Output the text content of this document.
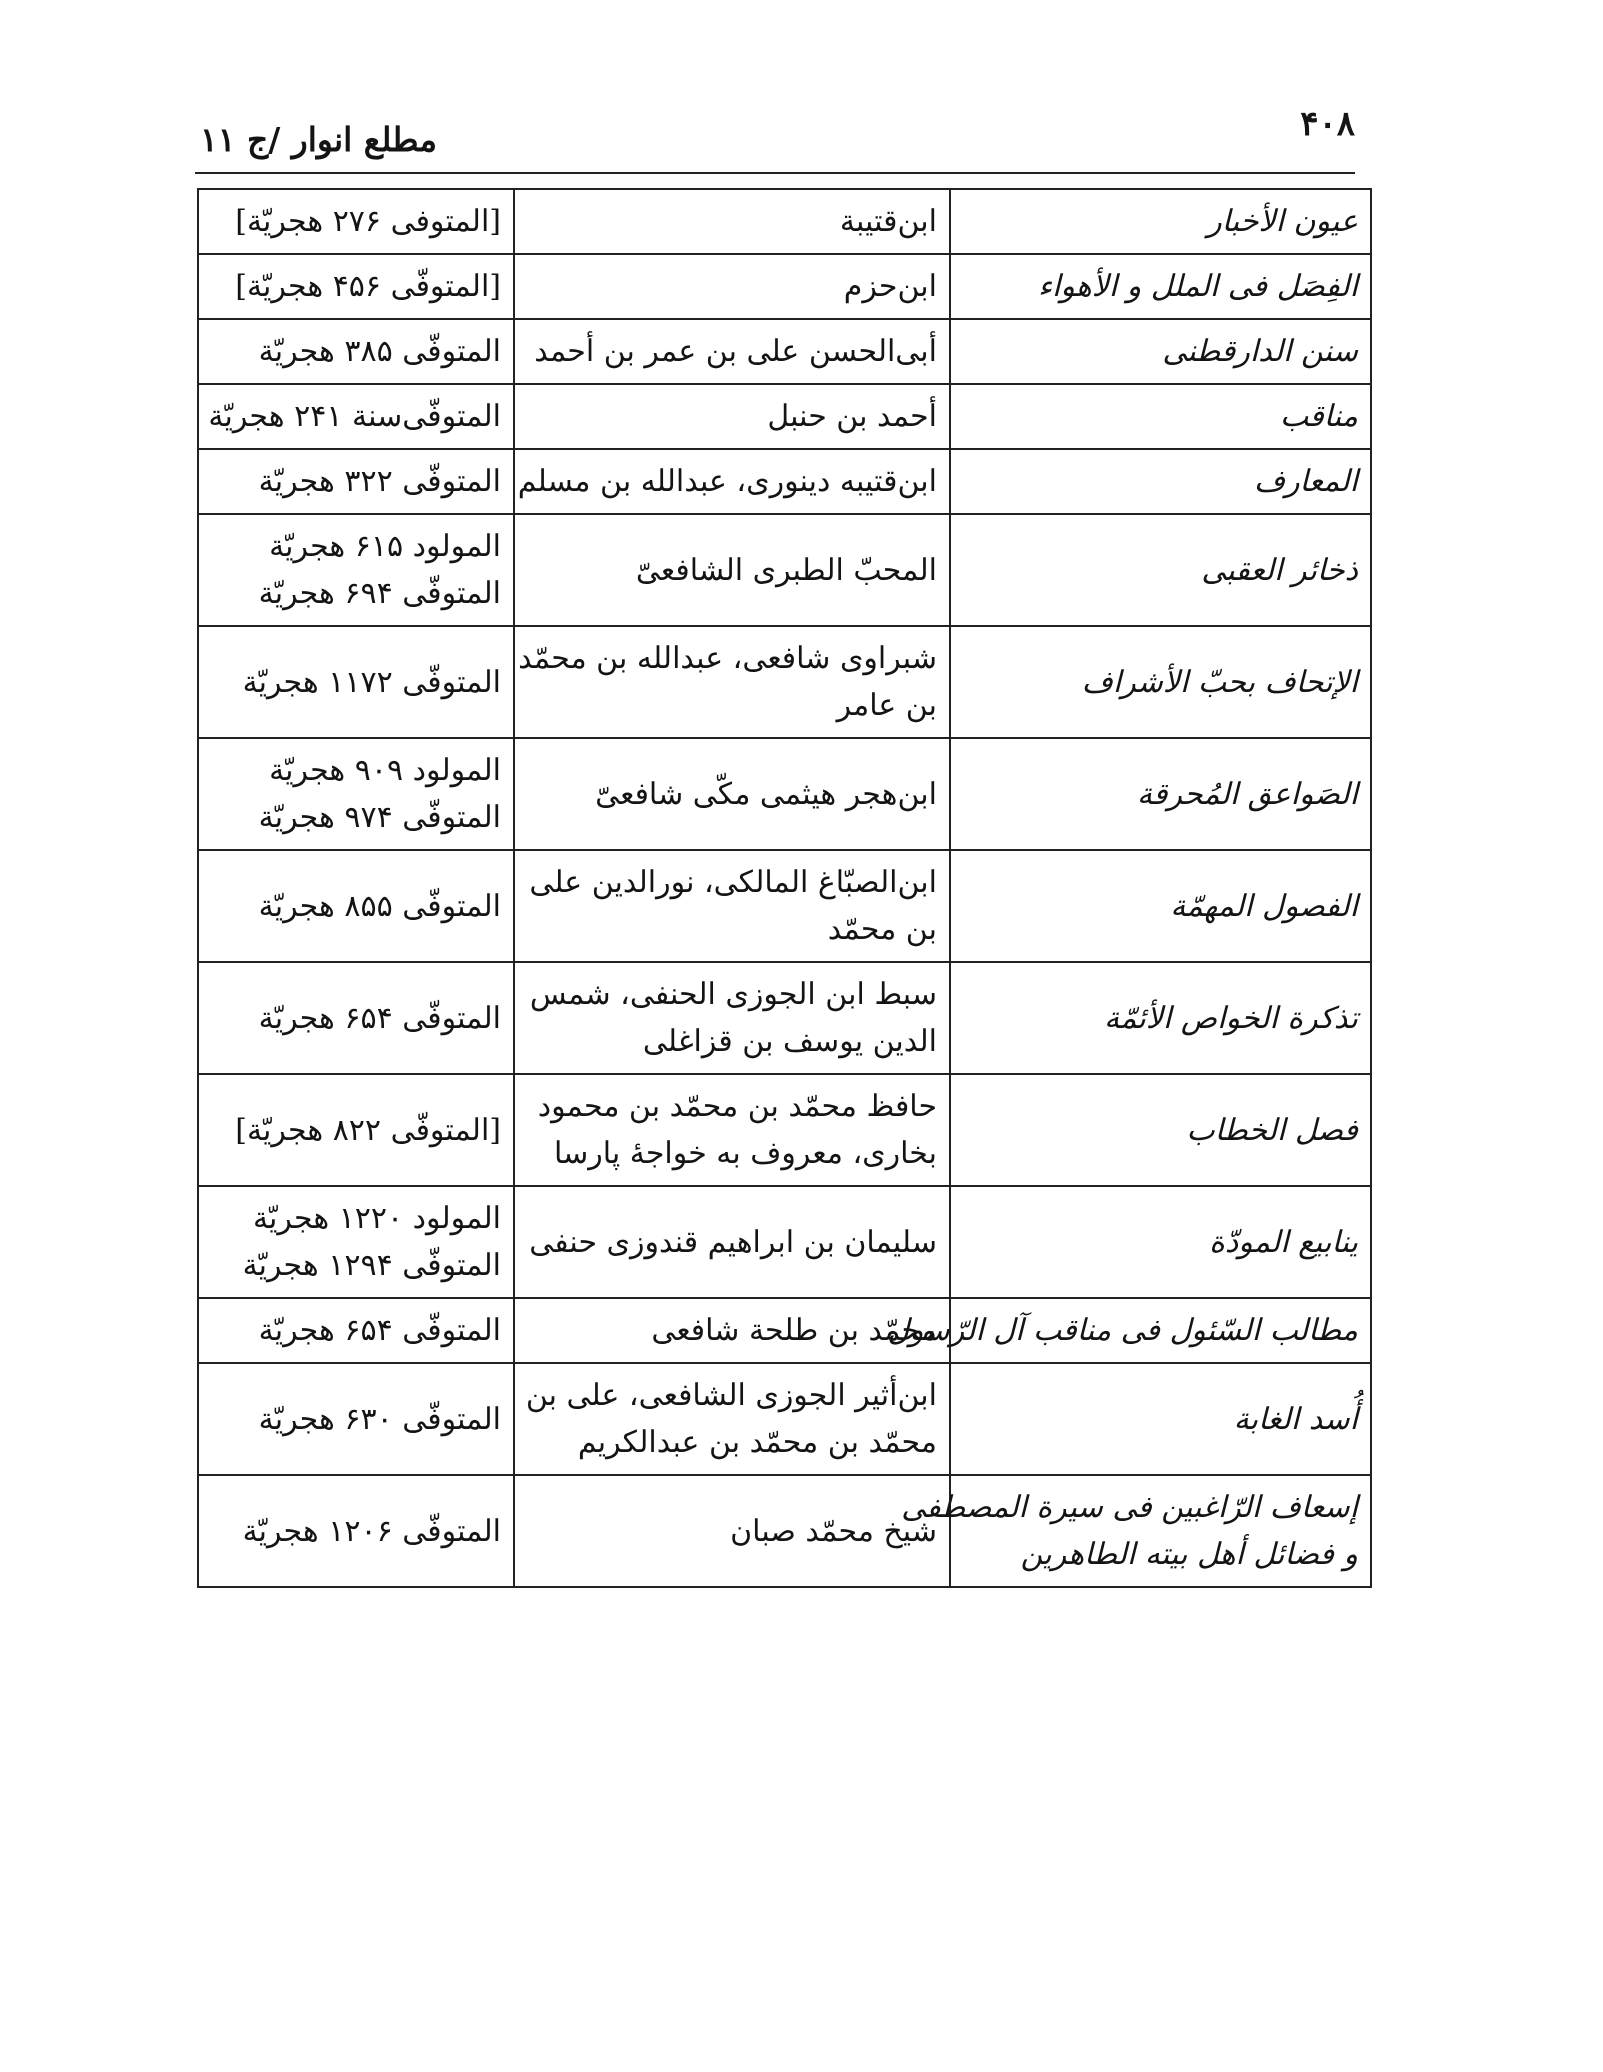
۴۰۸
مطلع انوار /ج ۱۱
عيون الأخبار	ابن‌قتيبة	[المتوفى ۲۷۶ هجريّة]

الفِصَل فى الملل و الأهواء	ابن‌حزم	[المتوفّى ۴۵۶ هجريّة]

سنن الدارقطنى	أبى‌الحسن على بن عمر بن أحمد	المتوفّى ۳۸۵ هجريّة

مناقب	أحمد بن حنبل	المتوفّى‌سنة ۲۴۱ هجريّة

المعارف	ابن‌قتيبه دينورى، عبدالله بن مسلم	المتوفّى ۳۲۲ هجريّة

ذخائر العقبى	المحبّ الطبرى الشافعىّ	المولود ۶۱۵ هجريّة
المتوفّى ۶۹۴ هجريّة

الإتحاف بحبّ الأشراف	شبراوى شافعى، عبدالله بن محمّد
بن عامر	المتوفّى ۱۱۷۲ هجريّة

الصَواعق المُحرقة	ابن‌هجر هيثمى مكّى شافعىّ	المولود ۹۰۹ هجريّة
المتوفّى ۹۷۴ هجريّة

الفصول المهمّة	ابن‌الصبّاغ المالكى، نورالدين على
بن محمّد	المتوفّى ۸۵۵ هجريّة

تذكرة الخواص الأئمّة	سبط ابن الجوزى الحنفى، شمس
الدين يوسف بن قزاغلى	المتوفّى ۶۵۴ هجريّة

فصل الخطاب	حافظ محمّد بن محمّد بن محمود
بخارى، معروف به خواجهٔ پارسا	[المتوفّى ۸۲۲ هجريّة]

ينابيع المودّة	سليمان بن ابراهيم قندوزى حنفى	المولود ۱۲۲۰ هجريّة
المتوفّى ۱۲۹۴ هجريّة

مطالب السّئول فى مناقب آل الرّسول	محمّد بن طلحة شافعى	المتوفّى ۶۵۴ هجريّة

أُسد الغابة	ابن‌أثير الجوزى الشافعى، على بن
محمّد بن محمّد بن عبدالكريم	المتوفّى ۶۳۰ هجريّة

إسعاف الرّاغبين فى سيرة المصطفى
و فضائل أهل بيته الطاهرين	شيخ محمّد صبان	المتوفّى ۱۲۰۶ هجريّة
